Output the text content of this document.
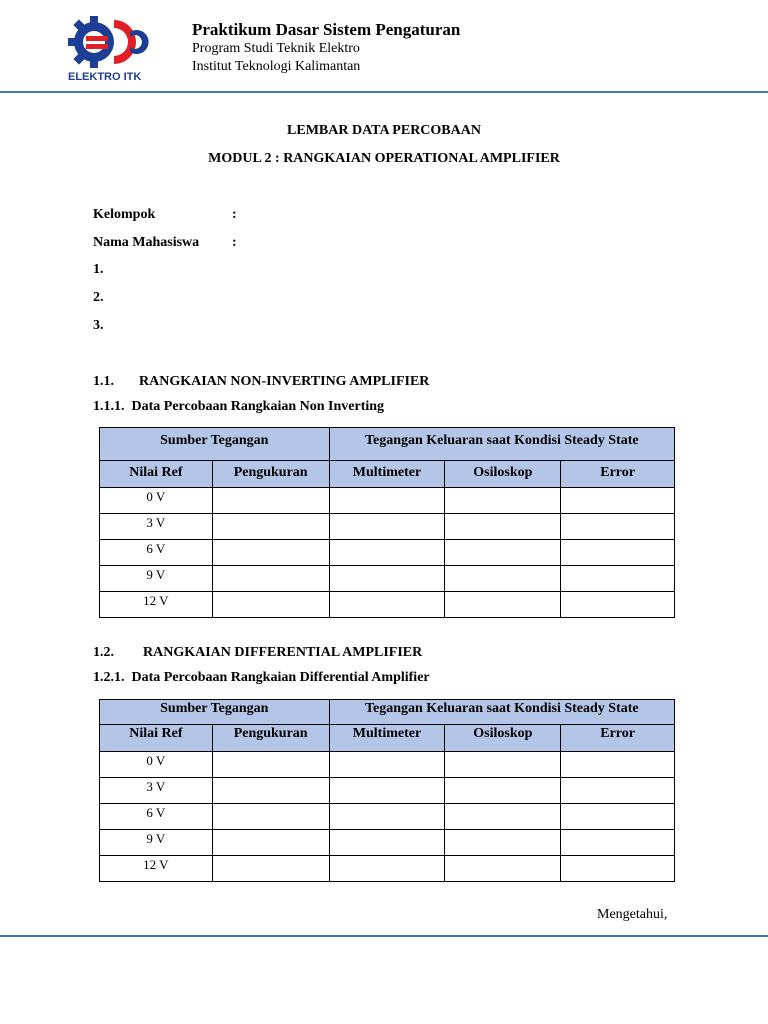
ELEKTRO ITK
Praktikum Dasar Sistem Pengaturan
Program Studi Teknik Elektro
Institut Teknologi Kalimantan
LEMBAR DATA PERCOBAAN
MODUL 2 : RANGKAIAN OPERATIONAL AMPLIFIER
Kelompok	:
Nama Mahasiswa :
1.
2.
3.
1.1. RANGKAIAN NON-INVERTING AMPLIFIER
1.1.1.  Data Percobaan Rangkaian Non Inverting
Sumber Tegangan		Tegangan Keluaran saat Kondisi Steady State		
Nilai Ref	Pengukuran	Multimeter	Osiloskop	Error
0 V				
3 V				
6 V				
9 V				
12 V				
1.2. RANGKAIAN DIFFERENTIAL AMPLIFIER
1.2.1.  Data Percobaan Rangkaian Differential Amplifier
Sumber Tegangan		Tegangan Keluaran saat Kondisi Steady State		
Nilai Ref	Pengukuran	Multimeter	Osiloskop	Error
0 V				
3 V				
6 V				
9 V				
12 V				
Mengetahui,
